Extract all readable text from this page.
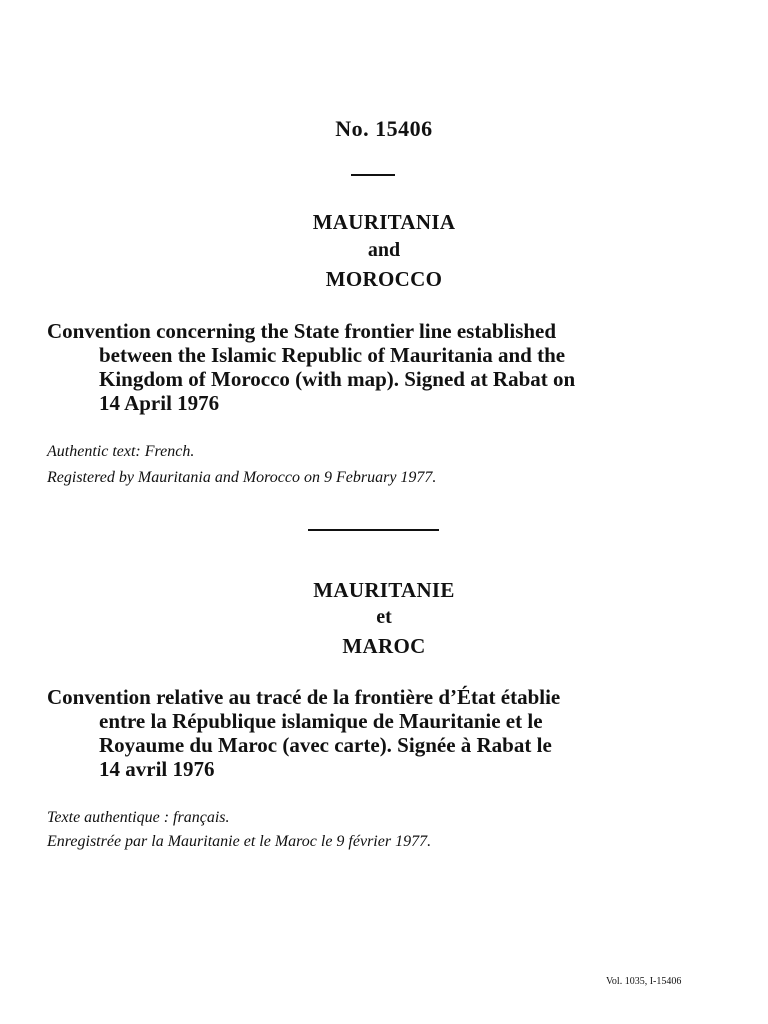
No. 15406
MAURITANIA
and
MOROCCO
Convention concerning the State frontier line established
between the Islamic Republic of Mauritania and the
Kingdom of Morocco (with map). Signed at Rabat on
14 April 1976
Authentic text: French.
Registered by Mauritania and Morocco on 9 February 1977.
MAURITANIE
et
MAROC
Convention relative au tracé de la frontière d’État établie
entre la République islamique de Mauritanie et le
Royaume du Maroc (avec carte). Signée à Rabat le
14 avril 1976
Texte authentique : français.
Enregistrée par la Mauritanie et le Maroc le 9 février 1977.
Vol. 1035, I-15406
